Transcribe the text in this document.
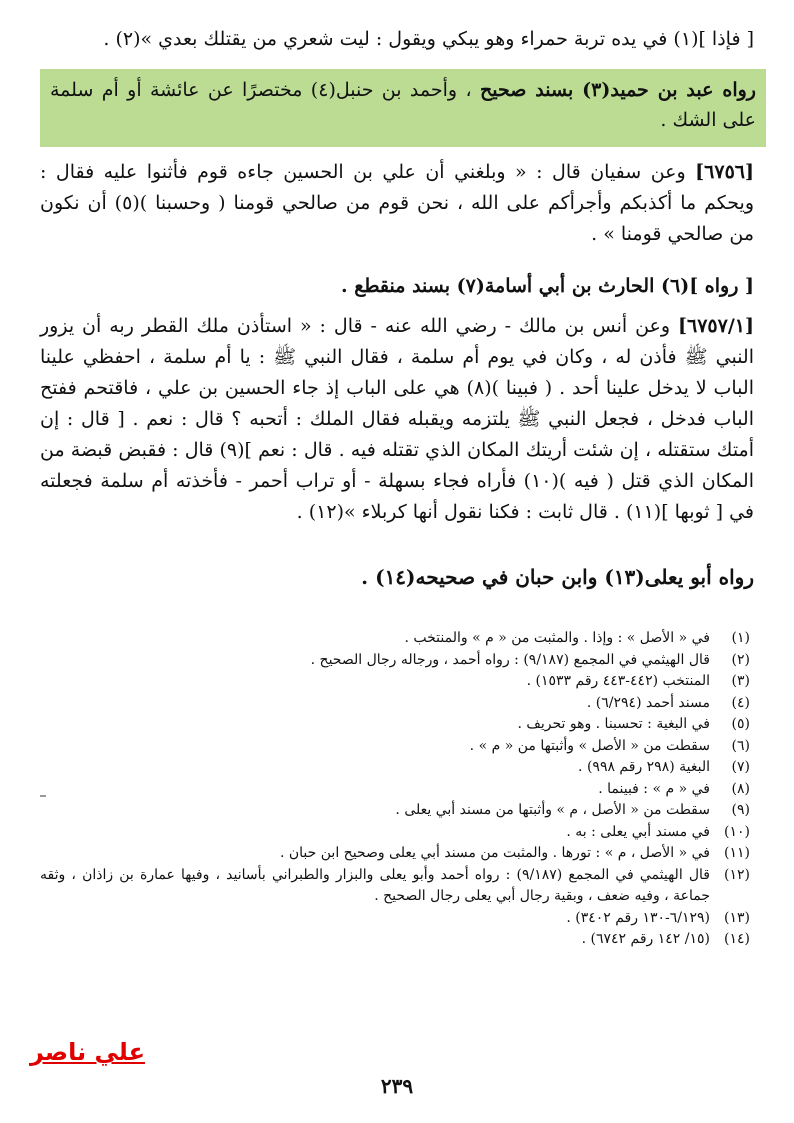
[ فإذا ](١) في يده تربة حمراء وهو يبكي ويقول : ليت شعري من يقتلك بعدي »(٢) .

رواه عبد بن حميد(٣) بسند صحيح ، وأحمد بن حنبل(٤) مختصرًا عن عائشة أو أم سلمة على الشك .

[٦٧٥٦] وعن سفيان قال : « وبلغني أن علي بن الحسين جاءه قوم فأثنوا عليه فقال : ويحكم ما أكذبكم وأجرأكم على الله ، نحن قوم من صالحي قومنا ( وحسبنا )(٥) أن نكون من صالحي قومنا » .

[ رواه ](٦) الحارث بن أبي أسامة(٧) بسند منقطع .

[٦٧٥٧/١] وعن أنس بن مالك - رضي الله عنه - قال : « استأذن ملك القطر ربه أن يزور النبي ﷺ فأذن له ، وكان في يوم أم سلمة ، فقال النبي ﷺ : يا أم سلمة ، احفظي علينا الباب لا يدخل علينا أحد . ( فبينا )(٨) هي على الباب إذ جاء الحسين بن علي ، فاقتحم ففتح الباب فدخل ، فجعل النبي ﷺ يلتزمه ويقبله فقال الملك : أتحبه ؟ قال : نعم . [ قال : إن أمتك ستقتله ، إن شئت أريتك المكان الذي تقتله فيه . قال : نعم ](٩) قال : فقبض قبضة من المكان الذي قتل ( فيه )(١٠) فأراه فجاء بسهلة - أو تراب أحمر - فأخذته أم سلمة فجعلته في [ ثوبها ](١١) . قال ثابت : فكنا نقول أنها كربلاء »(١٢) .

رواه أبو يعلى(١٣) وابن حبان في صحيحه(١٤) .

(١)
في « الأصل » : وإذا . والمثبت من « م » والمنتخب .
(٢)
قال الهيثمي في المجمع (٩/١٨٧) : رواه أحمد ، ورجاله رجال الصحيح .
(٣)
المنتخب (٤٤٢-٤٤٣ رقم ١٥٣٣) .
(٤)
مسند أحمد (٦/٢٩٤) .
(٥)
في البغية : تحسبنا . وهو تحريف .
(٦)
سقطت من « الأصل » وأثبتها من « م » .
(٧)
البغية (٢٩٨ رقم ٩٩٨) .
(٨)
في « م » : فبينما .
(٩)
سقطت من « الأصل ، م » وأثبتها من مسند أبي يعلى .
(١٠)
في مسند أبي يعلى : به .
(١١)
في « الأصل ، م » : تورها . والمثبت من مسند أبي يعلى وصحيح ابن حبان .
(١٢)
قال الهيثمي في المجمع (٩/١٨٧) : رواه أحمد وأبو يعلى والبزار والطبراني بأسانيد ، وفيها عمارة بن زاذان ، وثقه جماعة ، وفيه ضعف ، وبقية رجال أبي يعلى رجال الصحيح .
(١٣)
(٦/١٢٩-١٣٠ رقم ٣٤٠٢) .
(١٤)
(١٥/ ١٤٢ رقم ٦٧٤٢) .
علي ناصر
٢٣٩
